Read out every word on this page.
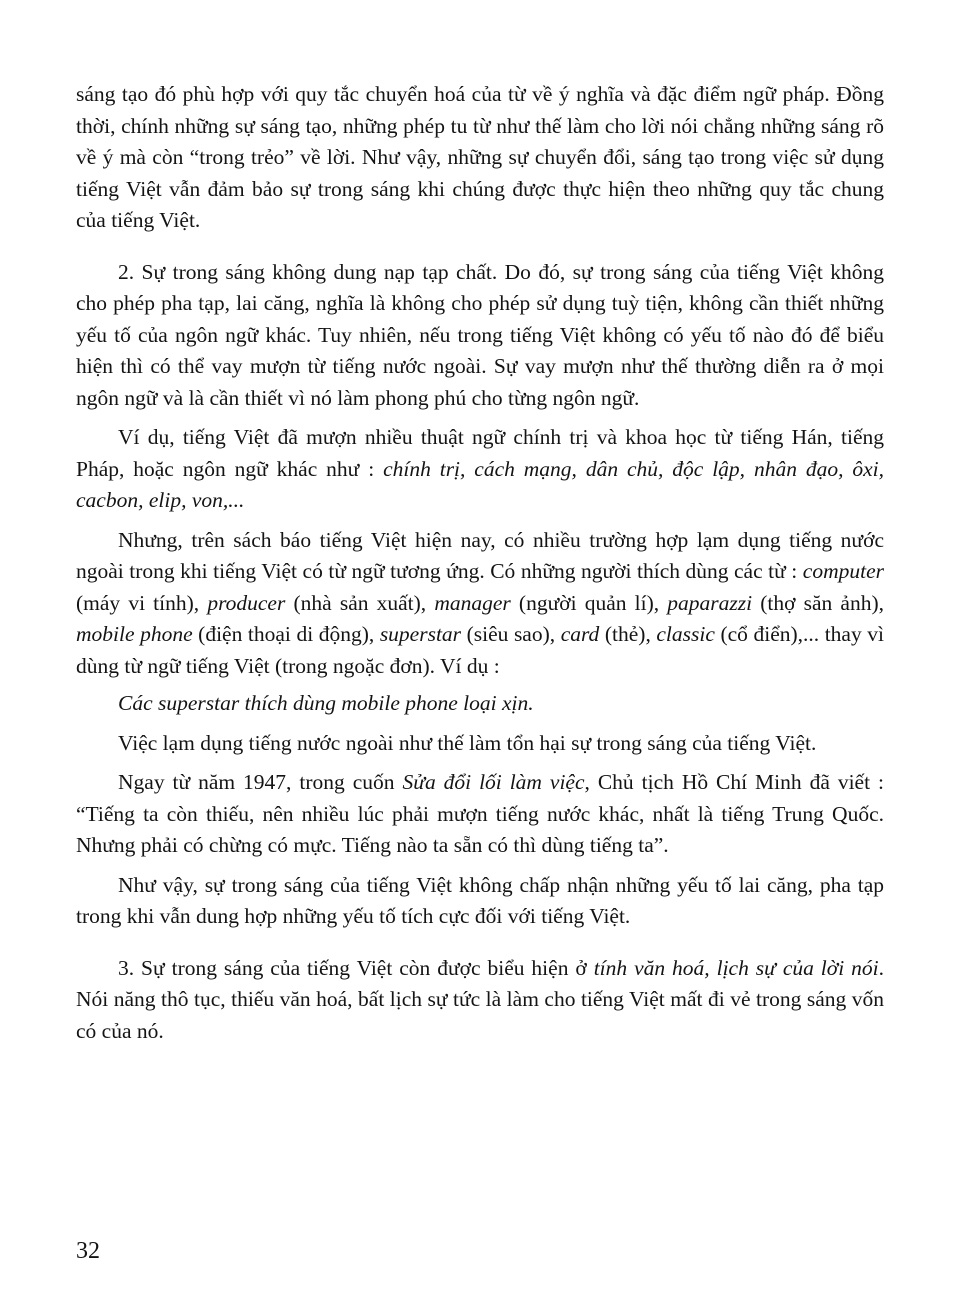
sáng tạo đó phù hợp với quy tắc chuyển hoá của từ về ý nghĩa và đặc điểm ngữ pháp. Đồng thời, chính những sự sáng tạo, những phép tu từ như thế làm cho lời nói chẳng những sáng rõ về ý mà còn “trong trẻo” về lời. Như vậy, những sự chuyển đổi, sáng tạo trong việc sử dụng tiếng Việt vẫn đảm bảo sự trong sáng khi chúng được thực hiện theo những quy tắc chung của tiếng Việt.

2. Sự trong sáng không dung nạp tạp chất. Do đó, sự trong sáng của tiếng Việt không cho phép pha tạp, lai căng, nghĩa là không cho phép sử dụng tuỳ tiện, không cần thiết những yếu tố của ngôn ngữ khác. Tuy nhiên, nếu trong tiếng Việt không có yếu tố nào đó để biểu hiện thì có thể vay mượn từ tiếng nước ngoài. Sự vay mượn như thế thường diễn ra ở mọi ngôn ngữ và là cần thiết vì nó làm phong phú cho từng ngôn ngữ.

Ví dụ, tiếng Việt đã mượn nhiều thuật ngữ chính trị và khoa học từ tiếng Hán, tiếng Pháp, hoặc ngôn ngữ khác như : chính trị, cách mạng, dân chủ, độc lập, nhân đạo, ôxi, cacbon, elip, von,...

Nhưng, trên sách báo tiếng Việt hiện nay, có nhiều trường hợp lạm dụng tiếng nước ngoài trong khi tiếng Việt có từ ngữ tương ứng. Có những người thích dùng các từ : computer (máy vi tính), producer (nhà sản xuất), manager (người quản lí), paparazzi (thợ săn ảnh), mobile phone (điện thoại di động), superstar (siêu sao), card (thẻ), classic (cổ điển),... thay vì dùng từ ngữ tiếng Việt (trong ngoặc đơn). Ví dụ :

Các superstar thích dùng mobile phone loại xịn.

Việc lạm dụng tiếng nước ngoài như thế làm tổn hại sự trong sáng của tiếng Việt.

Ngay từ năm 1947, trong cuốn Sửa đổi lối làm việc, Chủ tịch Hồ Chí Minh đã viết : “Tiếng ta còn thiếu, nên nhiều lúc phải mượn tiếng nước khác, nhất là tiếng Trung Quốc. Nhưng phải có chừng có mực. Tiếng nào ta sẵn có thì dùng tiếng ta”.

Như vậy, sự trong sáng của tiếng Việt không chấp nhận những yếu tố lai căng, pha tạp trong khi vẫn dung hợp những yếu tố tích cực đối với tiếng Việt.

3. Sự trong sáng của tiếng Việt còn được biểu hiện ở tính văn hoá, lịch sự của lời nói. Nói năng thô tục, thiếu văn hoá, bất lịch sự tức là làm cho tiếng Việt mất đi vẻ trong sáng vốn có của nó.

32
